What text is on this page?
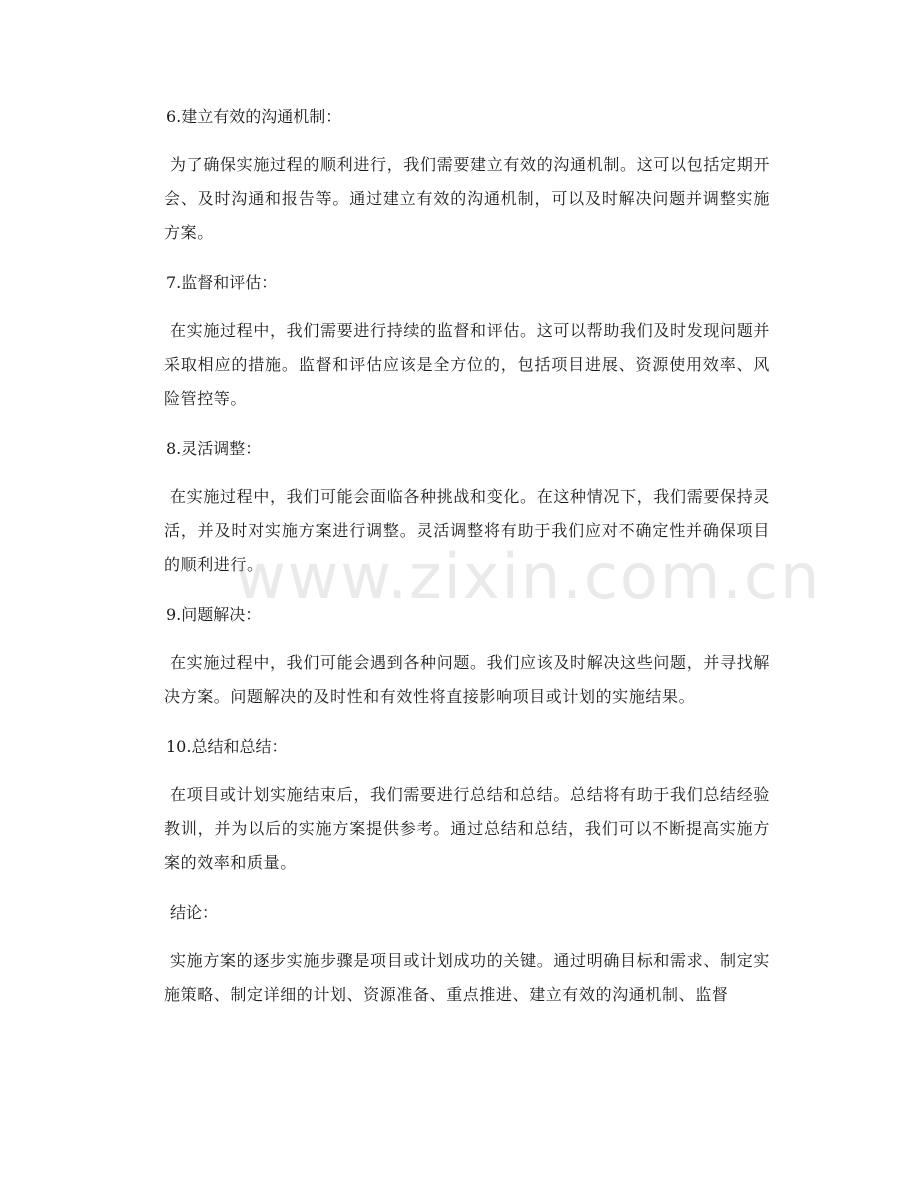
6.建立有效的沟通机制：

为了确保实施过程的顺利进行，我们需要建立有效的沟通机制。这可以包括定期开会、及时沟通和报告等。通过建立有效的沟通机制，可以及时解决问题并调整实施方案。

7.监督和评估：

在实施过程中，我们需要进行持续的监督和评估。这可以帮助我们及时发现问题并采取相应的措施。监督和评估应该是全方位的，包括项目进展、资源使用效率、风险管控等。

8.灵活调整：

在实施过程中，我们可能会面临各种挑战和变化。在这种情况下，我们需要保持灵活，并及时对实施方案进行调整。灵活调整将有助于我们应对不确定性并确保项目的顺利进行。

9.问题解决：

在实施过程中，我们可能会遇到各种问题。我们应该及时解决这些问题，并寻找解决方案。问题解决的及时性和有效性将直接影响项目或计划的实施结果。

10.总结和总结：

在项目或计划实施结束后，我们需要进行总结和总结。总结将有助于我们总结经验教训，并为以后的实施方案提供参考。通过总结和总结，我们可以不断提高实施方案的效率和质量。

结论：

实施方案的逐步实施步骤是项目或计划成功的关键。通过明确目标和需求、制定实施策略、制定详细的计划、资源准备、重点推进、建立有效的沟通机制、监督

www.zixin.com.cn
